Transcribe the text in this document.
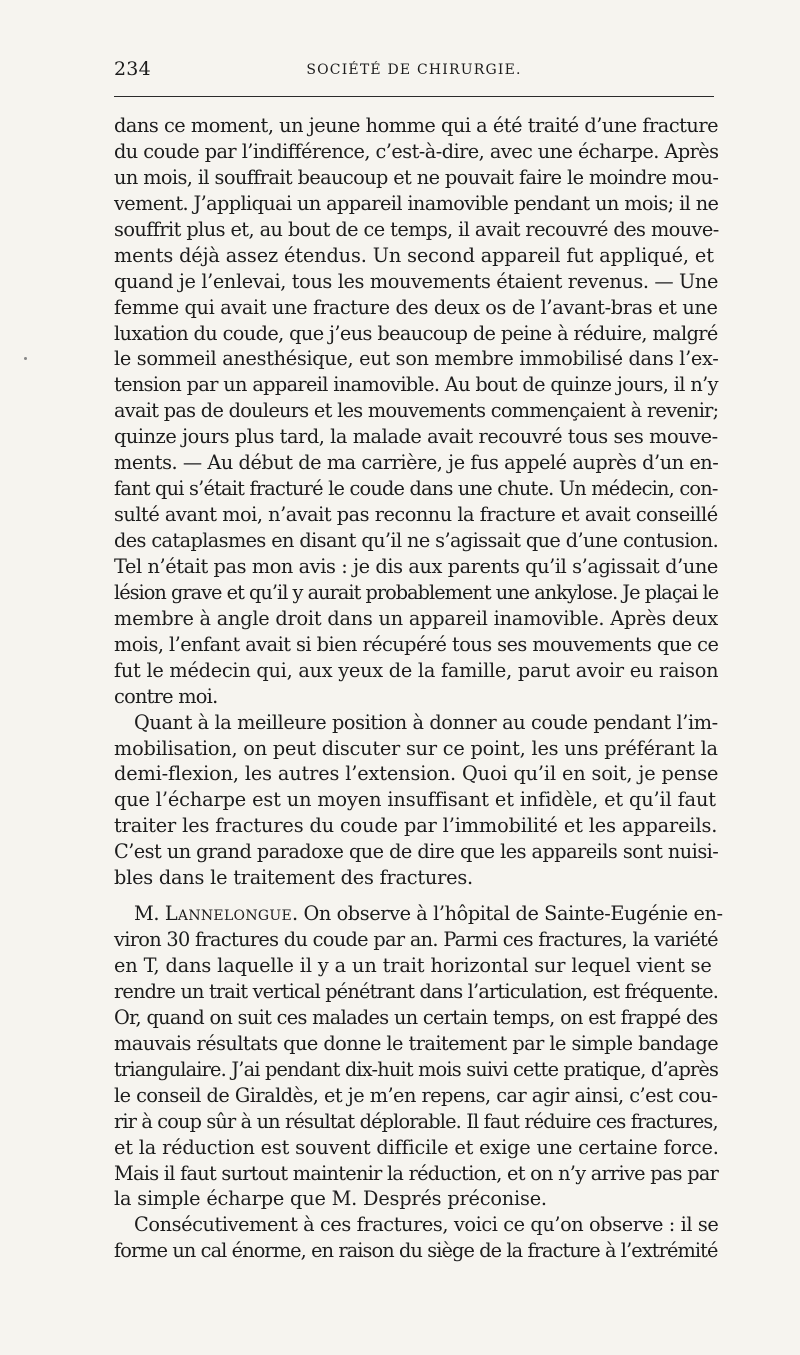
234	SOCIÉTÉ DE CHIRURGIE.
dans ce moment, un jeune homme qui a été traité d’une fracture
du coude par l’indifférence, c’est-à-dire, avec une écharpe. Après
un mois, il souffrait beaucoup et ne pouvait faire le moindre mou-
vement. J’appliquai un appareil inamovible pendant un mois; il ne
souffrit plus et, au bout de ce temps, il avait recouvré des mouve-
ments déjà assez étendus. Un second appareil fut appliqué, et
quand je l’enlevai, tous les mouvements étaient revenus. — Une
femme qui avait une fracture des deux os de l’avant-bras et une
luxation du coude, que j’eus beaucoup de peine à réduire, malgré
le sommeil anesthésique, eut son membre immobilisé dans l’ex-
tension par un appareil inamovible. Au bout de quinze jours, il n’y
avait pas de douleurs et les mouvements commençaient à revenir;
quinze jours plus tard, la malade avait recouvré tous ses mouve-
ments. — Au début de ma carrière, je fus appelé auprès d’un en-
fant qui s’était fracturé le coude dans une chute. Un médecin, con-
sulté avant moi, n’avait pas reconnu la fracture et avait conseillé
des cataplasmes en disant qu’il ne s’agissait que d’une contusion.
Tel n’était pas mon avis : je dis aux parents qu’il s’agissait d’une
lésion grave et qu’il y aurait probablement une ankylose. Je plaçai le
membre à angle droit dans un appareil inamovible. Après deux
mois, l’enfant avait si bien récupéré tous ses mouvements que ce
fut le médecin qui, aux yeux de la famille, parut avoir eu raison
contre moi.
Quant à la meilleure position à donner au coude pendant l’im-
mobilisation, on peut discuter sur ce point, les uns préférant la
demi-flexion, les autres l’extension. Quoi qu’il en soit, je pense
que l’écharpe est un moyen insuffisant et infidèle, et qu’il faut
traiter les fractures du coude par l’immobilité et les appareils.
C’est un grand paradoxe que de dire que les appareils sont nuisi-
bles dans le traitement des fractures.
M. Lannelongue. On observe à l’hôpital de Sainte-Eugénie en-
viron 30 fractures du coude par an. Parmi ces fractures, la variété
en T, dans laquelle il y a un trait horizontal sur lequel vient se
rendre un trait vertical pénétrant dans l’articulation, est fréquente.
Or, quand on suit ces malades un certain temps, on est frappé des
mauvais résultats que donne le traitement par le simple bandage
triangulaire. J’ai pendant dix-huit mois suivi cette pratique, d’après
le conseil de Giraldès, et je m’en repens, car agir ainsi, c’est cou-
rir à coup sûr à un résultat déplorable. Il faut réduire ces fractures,
et la réduction est souvent difficile et exige une certaine force.
Mais il faut surtout maintenir la réduction, et on n’y arrive pas par
la simple écharpe que M. Després préconise.
Consécutivement à ces fractures, voici ce qu’on observe : il se
forme un cal énorme, en raison du siège de la fracture à l’extrémité
